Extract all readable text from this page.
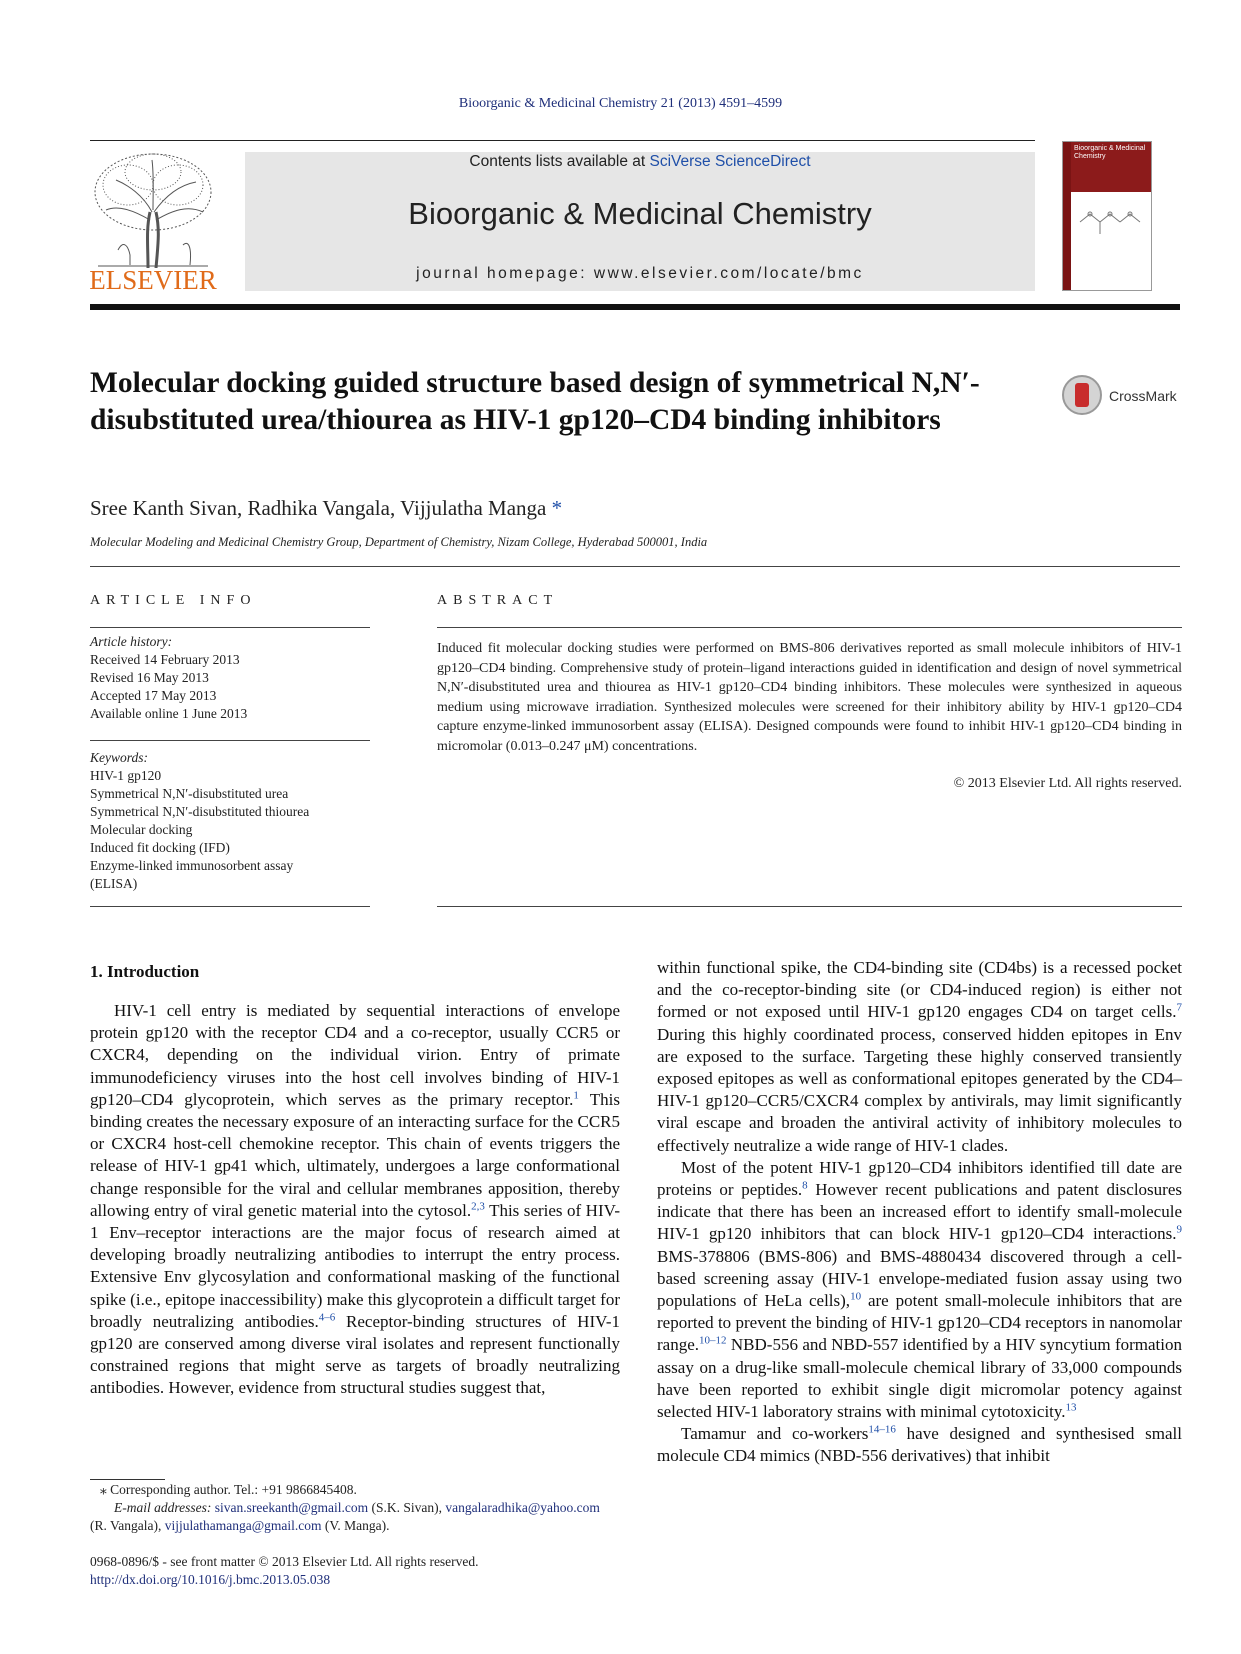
Bioorganic & Medicinal Chemistry 21 (2013) 4591–4599
ELSEVIER
Contents lists available at SciVerse ScienceDirect
Bioorganic & Medicinal Chemistry
journal homepage: www.elsevier.com/locate/bmc
Bioorganic & Medicinal Chemistry
Molecular docking guided structure based design of symmetrical N,N′-disubstituted urea/thiourea as HIV-1 gp120–CD4 binding inhibitors
CrossMark
Sree Kanth Sivan, Radhika Vangala, Vijjulatha Manga *
Molecular Modeling and Medicinal Chemistry Group, Department of Chemistry, Nizam College, Hyderabad 500001, India
ARTICLE INFO
Article history:
Received 14 February 2013
Revised 16 May 2013
Accepted 17 May 2013
Available online 1 June 2013
Keywords:
HIV-1 gp120
Symmetrical N,N′-disubstituted urea
Symmetrical N,N′-disubstituted thiourea
Molecular docking
Induced fit docking (IFD)
Enzyme-linked immunosorbent assay
(ELISA)
ABSTRACT
Induced fit molecular docking studies were performed on BMS-806 derivatives reported as small molecule inhibitors of HIV-1 gp120–CD4 binding. Comprehensive study of protein–ligand interactions guided in identification and design of novel symmetrical N,N′-disubstituted urea and thiourea as HIV-1 gp120–CD4 binding inhibitors. These molecules were synthesized in aqueous medium using microwave irradiation. Synthesized molecules were screened for their inhibitory ability by HIV-1 gp120–CD4 capture enzyme-linked immunosorbent assay (ELISA). Designed compounds were found to inhibit HIV-1 gp120–CD4 binding in micromolar (0.013–0.247 μM) concentrations.
© 2013 Elsevier Ltd. All rights reserved.
1. Introduction

HIV-1 cell entry is mediated by sequential interactions of envelope protein gp120 with the receptor CD4 and a co-receptor, usually CCR5 or CXCR4, depending on the individual virion. Entry of primate immunodeficiency viruses into the host cell involves binding of HIV-1 gp120–CD4 glycoprotein, which serves as the primary receptor.$^1$ This binding creates the necessary exposure of an interacting surface for the CCR5 or CXCR4 host-cell chemokine receptor. This chain of events triggers the release of HIV-1 gp41 which, ultimately, undergoes a large conformational change responsible for the viral and cellular membranes apposition, thereby allowing entry of viral genetic material into the cytosol.$^{2,3}$ This series of HIV-1 Env–receptor interactions are the major focus of research aimed at developing broadly neutralizing antibodies to interrupt the entry process. Extensive Env glycosylation and conformational masking of the functional spike (i.e., epitope inaccessibility) make this glycoprotein a difficult target for broadly neutralizing antibodies.$^{4-6}$ Receptor-binding structures of HIV-1 gp120 are conserved among diverse viral isolates and represent functionally constrained regions that might serve as targets of broadly neutralizing antibodies. However, evidence from structural studies suggest that,

within functional spike, the CD4-binding site (CD4bs) is a recessed pocket and the co-receptor-binding site (or CD4-induced region) is either not formed or not exposed until HIV-1 gp120 engages CD4 on target cells.$^7$ During this highly coordinated process, conserved hidden epitopes in Env are exposed to the surface. Targeting these highly conserved transiently exposed epitopes as well as conformational epitopes generated by the CD4–HIV-1 gp120–CCR5/CXCR4 complex by antivirals, may limit significantly viral escape and broaden the antiviral activity of inhibitory molecules to effectively neutralize a wide range of HIV-1 clades.

Most of the potent HIV-1 gp120–CD4 inhibitors identified till date are proteins or peptides.$^8$ However recent publications and patent disclosures indicate that there has been an increased effort to identify small-molecule HIV-1 gp120 inhibitors that can block HIV-1 gp120–CD4 interactions.$^9$ BMS-378806 (BMS-806) and BMS-4880434 discovered through a cell-based screening assay (HIV-1 envelope-mediated fusion assay using two populations of HeLa cells),$^{10}$ are potent small-molecule inhibitors that are reported to prevent the binding of HIV-1 gp120–CD4 receptors in nanomolar range.$^{10-12}$ NBD-556 and NBD-557 identified by a HIV syncytium formation assay on a drug-like small-molecule chemical library of 33,000 compounds have been reported to exhibit single digit micromolar potency against selected HIV-1 laboratory strains with minimal cytotoxicity.$^{13}$

Tamamur and co-workers$^{14-16}$ have designed and synthesised small molecule CD4 mimics (NBD-556 derivatives) that inhibit

⁎ Corresponding author. Tel.: +91 9866845408.
E-mail addresses: sivan.sreekanth@gmail.com (S.K. Sivan), vangalaradhika@yahoo.com (R. Vangala), vijjulathamanga@gmail.com (V. Manga).
0968-0896/$ - see front matter © 2013 Elsevier Ltd. All rights reserved.
http://dx.doi.org/10.1016/j.bmc.2013.05.038
